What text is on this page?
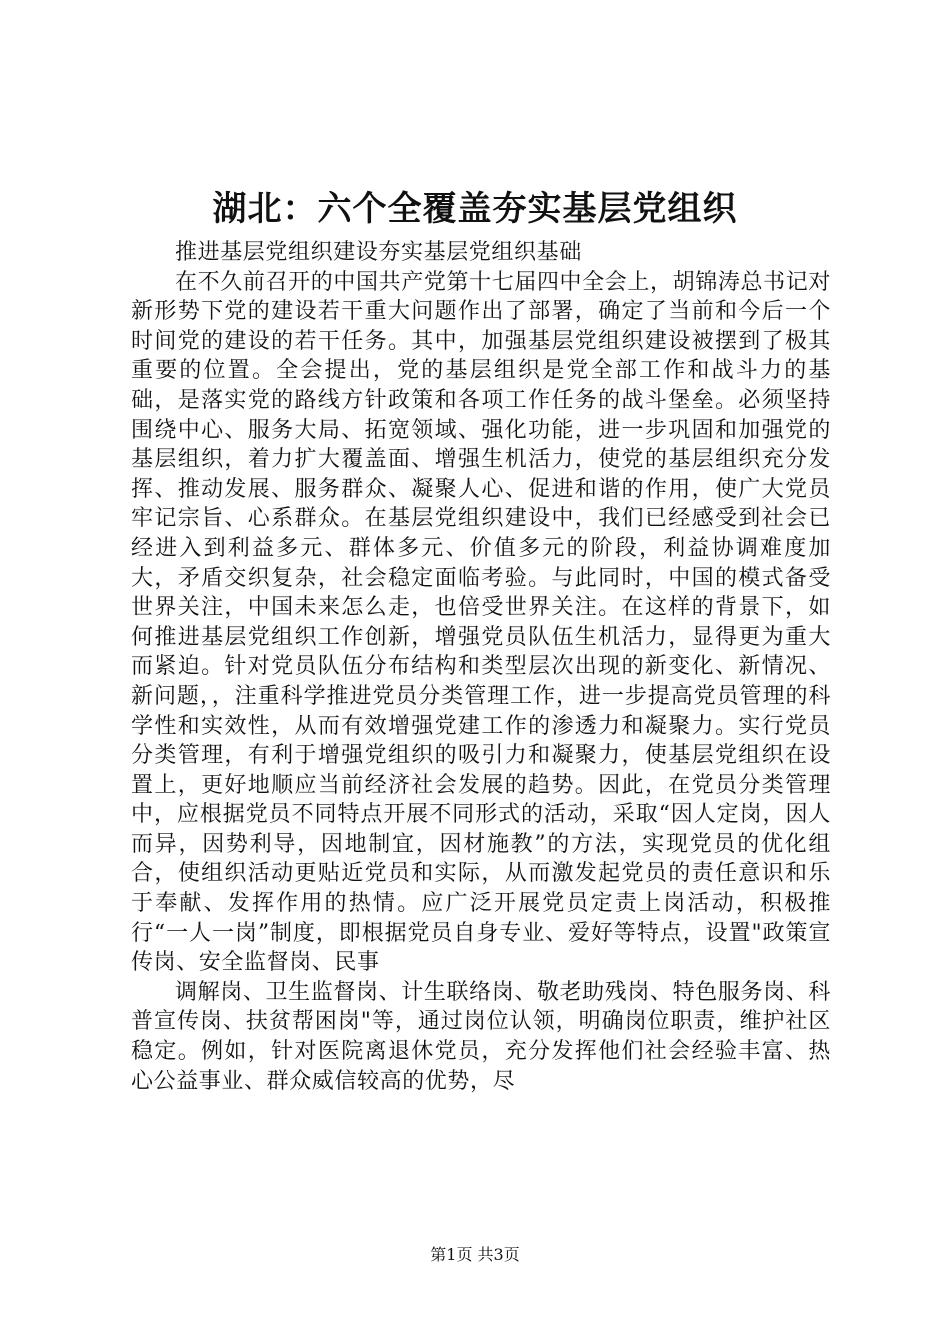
湖北：六个全覆盖夯实基层党组织

推进基层党组织建设夯实基层党组织基础

在不久前召开的中国共产党第十七届四中全会上，胡锦涛总书记对新形势下党的建设若干重大问题作出了部署，确定了当前和今后一个时间党的建设的若干任务。其中，加强基层党组织建设被摆到了极其重要的位置。全会提出，党的基层组织是党全部工作和战斗力的基础，是落实党的路线方针政策和各项工作任务的战斗堡垒。必须坚持围绕中心、服务大局、拓宽领域、强化功能，进一步巩固和加强党的基层组织，着力扩大覆盖面、增强生机活力，使党的基层组织充分发挥、推动发展、服务群众、凝聚人心、促进和谐的作用，使广大党员牢记宗旨、心系群众。在基层党组织建设中，我们已经感受到社会已经进入到利益多元、群体多元、价值多元的阶段，利益协调难度加大，矛盾交织复杂，社会稳定面临考验。与此同时，中国的模式备受世界关注，中国未来怎么走，也倍受世界关注。在这样的背景下，如何推进基层党组织工作创新，增强党员队伍生机活力，显得更为重大而紧迫。针对党员队伍分布结构和类型层次出现的新变化、新情况、新问题，，注重科学推进党员分类管理工作，进一步提高党员管理的科学性和实效性，从而有效增强党建工作的渗透力和凝聚力。实行党员分类管理，有利于增强党组织的吸引力和凝聚力，使基层党组织在设置上，更好地顺应当前经济社会发展的趋势。因此，在党员分类管理中，应根据党员不同特点开展不同形式的活动，采取“因人定岗，因人而异，因势利导，因地制宜，因材施教”的方法，实现党员的优化组合，使组织活动更贴近党员和实际，从而激发起党员的责任意识和乐于奉献、发挥作用的热情。应广泛开展党员定责上岗活动，积极推行“一人一岗”制度，即根据党员自身专业、爱好等特点，设置"政策宣传岗、安全监督岗、民事

调解岗、卫生监督岗、计生联络岗、敬老助残岗、特色服务岗、科普宣传岗、扶贫帮困岗"等，通过岗位认领，明确岗位职责，维护社区稳定。例如，针对医院离退休党员，充分发挥他们社会经验丰富、热心公益事业、群众威信较高的优势，尽

第1页 共3页
